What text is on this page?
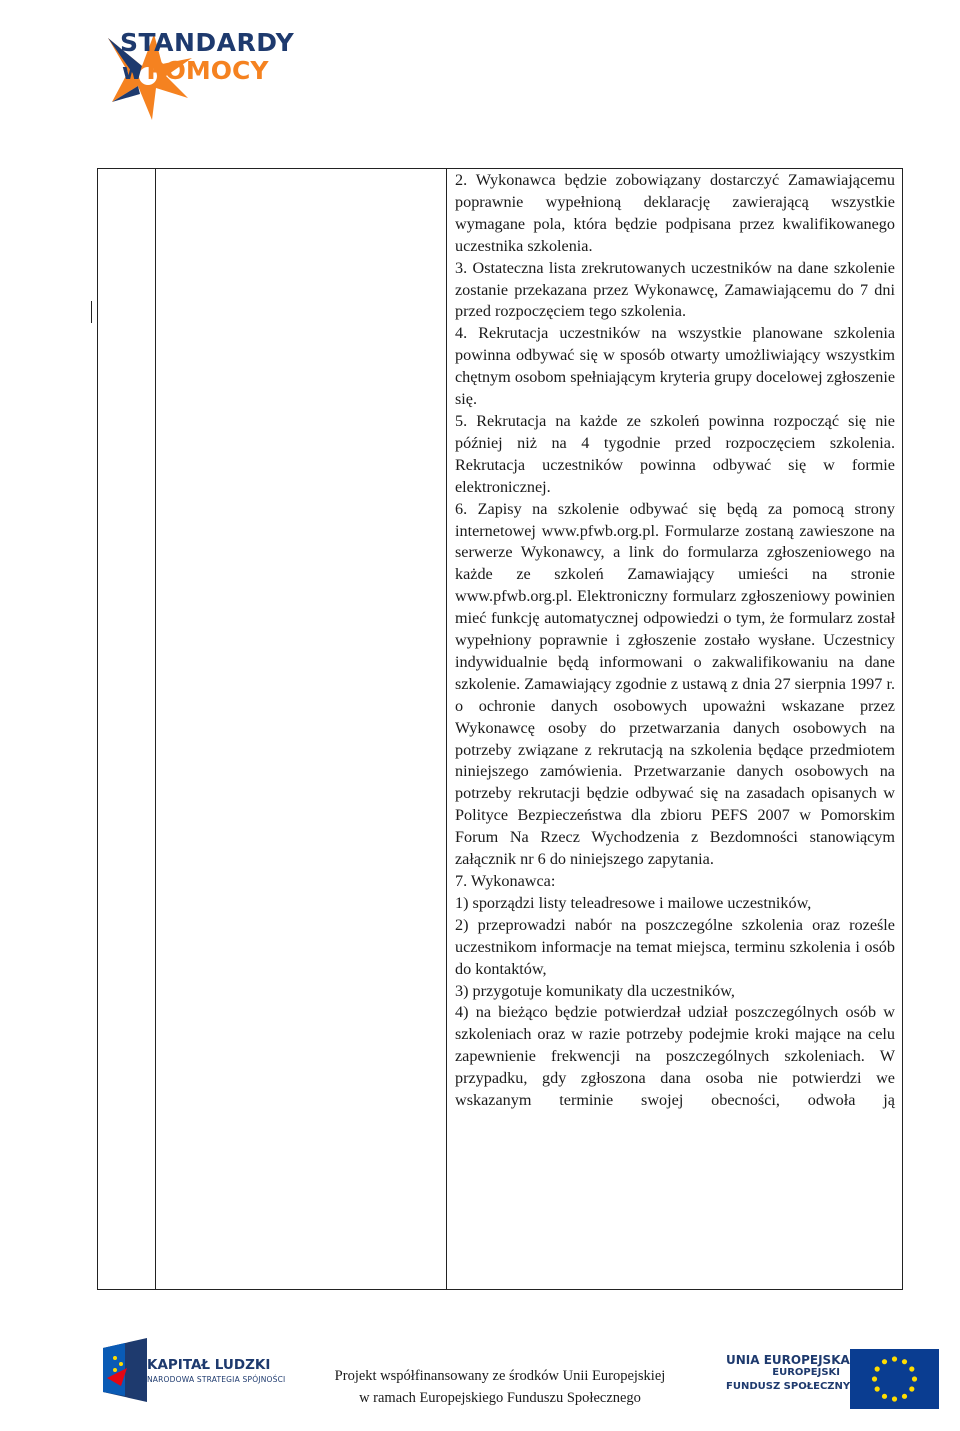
STANDARDY
w POMOCY

2. Wykonawca będzie zobowiązany dostarczyć Zamawiającemu poprawnie wypełnioną deklarację zawierającą wszystkie wymagane pola, która będzie podpisana przez kwalifikowanego uczestnika szkolenia.

3. Ostateczna lista zrekrutowanych uczestników na dane szkolenie zostanie przekazana przez Wykonawcę, Zamawiającemu do 7 dni przed rozpoczęciem tego szkolenia.

4. Rekrutacja uczestników na wszystkie planowane szkolenia powinna odbywać się w sposób otwarty umożliwiający wszystkim chętnym osobom spełniającym kryteria grupy docelowej zgłoszenie się.

5. Rekrutacja na każde ze szkoleń powinna rozpocząć się nie później niż na 4 tygodnie przed rozpoczęciem szkolenia. Rekrutacja uczestników powinna odbywać się w formie elektronicznej.

6. Zapisy na szkolenie odbywać się będą za pomocą strony internetowej www.pfwb.org.pl. Formularze zostaną zawieszone na serwerze Wykonawcy, a link do formularza zgłoszeniowego na każde ze szkoleń Zamawiający umieści na stronie www.pfwb.org.pl. Elektroniczny formularz zgłoszeniowy powinien mieć funkcję automatycznej odpowiedzi o tym, że formularz został wypełniony poprawnie i zgłoszenie zostało wysłane. Uczestnicy indywidualnie będą informowani o zakwalifikowaniu na dane szkolenie. Zamawiający zgodnie z ustawą z dnia 27 sierpnia 1997 r. o ochronie danych osobowych upoważni wskazane przez Wykonawcę osoby do przetwarzania danych osobowych na potrzeby związane z rekrutacją na szkolenia będące przedmiotem niniejszego zamówienia. Przetwarzanie danych osobowych na potrzeby rekrutacji będzie odbywać się na zasadach opisanych w Polityce Bezpieczeństwa dla zbioru PEFS 2007 w Pomorskim Forum Na Rzecz Wychodzenia z Bezdomności stanowiącym załącznik nr 6 do niniejszego zapytania.

7. Wykonawca:

1) sporządzi listy teleadresowe i mailowe uczestników,

2) przeprowadzi nabór na poszczególne szkolenia oraz roześle uczestnikom informacje na temat miejsca, terminu szkolenia i osób do kontaktów,

3) przygotuje komunikaty dla uczestników,

4) na bieżąco będzie potwierdzał udział poszczególnych osób w szkoleniach oraz w razie potrzeby podejmie kroki mające na celu zapewnienie frekwencji na poszczególnych szkoleniach. W przypadku, gdy zgłoszona dana osoba nie potwierdzi we wskazanym terminie swojej obecności, odwoła ją

KAPITAŁ LUDZKI
NARODOWA STRATEGIA SPÓJNOŚCI	Projekt współfinansowany ze środków Unii Europejskiej
w ramach Europejskiego Funduszu Społecznego
UNIA EUROPEJSKA
EUROPEJSKI
FUNDUSZ SPOŁECZNY
